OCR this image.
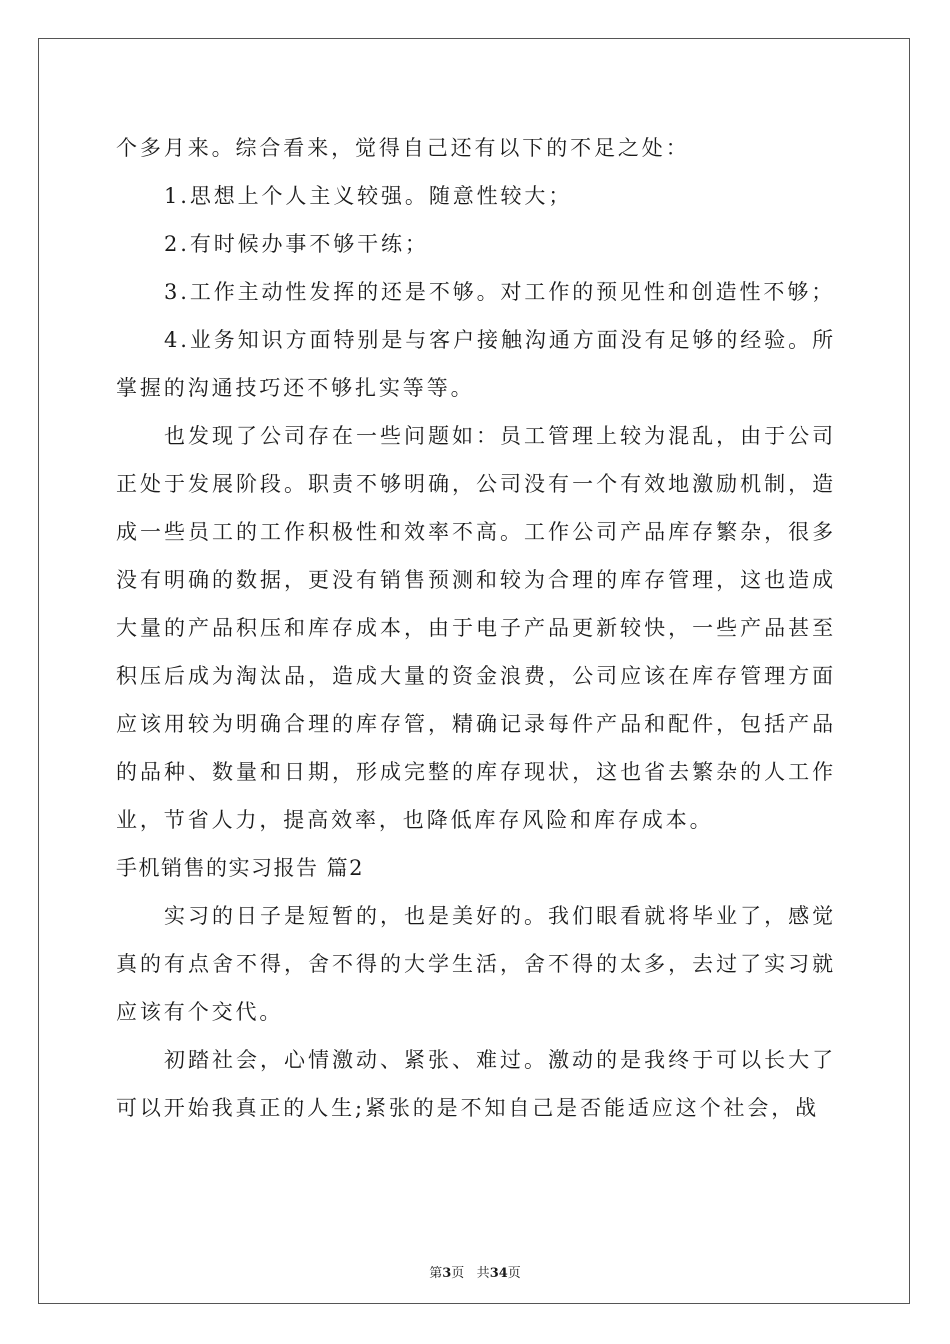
个多月来。综合看来，觉得自己还有以下的不足之处：

1.思想上个人主义较强。随意性较大；

2.有时候办事不够干练；

3.工作主动性发挥的还是不够。对工作的预见性和创造性不够；

4.业务知识方面特别是与客户接触沟通方面没有足够的经验。所掌握的沟通技巧还不够扎实等等。

也发现了公司存在一些问题如：员工管理上较为混乱，由于公司正处于发展阶段。职责不够明确，公司没有一个有效地激励机制，造成一些员工的工作积极性和效率不高。工作公司产品库存繁杂，很多没有明确的数据，更没有销售预测和较为合理的库存管理，这也造成大量的产品积压和库存成本，由于电子产品更新较快，一些产品甚至积压后成为淘汰品，造成大量的资金浪费，公司应该在库存管理方面应该用较为明确合理的库存管，精确记录每件产品和配件，包括产品的品种、数量和日期，形成完整的库存现状，这也省去繁杂的人工作业，节省人力，提高效率，也降低库存风险和库存成本。

手机销售的实习报告 篇2

实习的日子是短暂的，也是美好的。我们眼看就将毕业了，感觉真的有点舍不得，舍不得的大学生活，舍不得的太多，去过了实习就应该有个交代。

初踏社会，心情激动、紧张、难过。激动的是我终于可以长大了可以开始我真正的人生;紧张的是不知自己是否能适应这个社会，战

第3页 共34页
